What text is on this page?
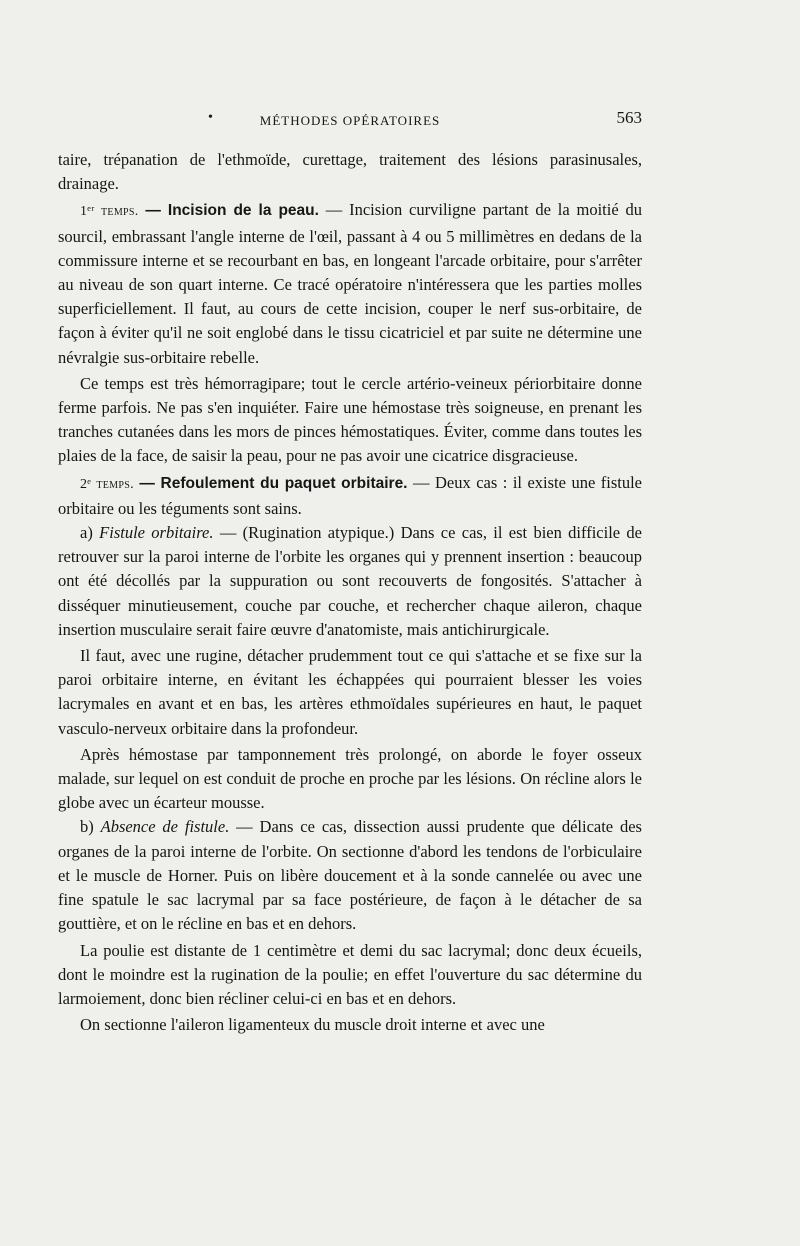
•	MÉTHODES OPÉRATOIRES	563

taire, trépanation de l'ethmoïde, curettage, traitement des lésions parasinusales, drainage.

1ᵉʳ temps. — Incision de la peau. — Incision curviligne partant de la moitié du sourcil, embrassant l'angle interne de l'œil, passant à 4 ou 5 millimètres en dedans de la commissure interne et se recourbant en bas, en longeant l'arcade orbitaire, pour s'arrêter au niveau de son quart interne. Ce tracé opératoire n'intéressera que les parties molles superficiellement. Il faut, au cours de cette incision, couper le nerf sus-orbitaire, de façon à éviter qu'il ne soit englobé dans le tissu cicatriciel et par suite ne détermine une névralgie sus-orbitaire rebelle.

Ce temps est très hémorragipare; tout le cercle artério-veineux périorbitaire donne ferme parfois. Ne pas s'en inquiéter. Faire une hémostase très soigneuse, en prenant les tranches cutanées dans les mors de pinces hémostatiques. Éviter, comme dans toutes les plaies de la face, de saisir la peau, pour ne pas avoir une cicatrice disgracieuse.

2ᵉ temps. — Refoulement du paquet orbitaire. — Deux cas : il existe une fistule orbitaire ou les téguments sont sains.

a) Fistule orbitaire. — (Rugination atypique.) Dans ce cas, il est bien difficile de retrouver sur la paroi interne de l'orbite les organes qui y prennent insertion : beaucoup ont été décollés par la suppuration ou sont recouverts de fongosités. S'attacher à disséquer minutieusement, couche par couche, et rechercher chaque aileron, chaque insertion musculaire serait faire œuvre d'anatomiste, mais antichirurgicale.

Il faut, avec une rugine, détacher prudemment tout ce qui s'attache et se fixe sur la paroi orbitaire interne, en évitant les échappées qui pourraient blesser les voies lacrymales en avant et en bas, les artères ethmoïdales supérieures en haut, le paquet vasculo-nerveux orbitaire dans la profondeur.

Après hémostase par tamponnement très prolongé, on aborde le foyer osseux malade, sur lequel on est conduit de proche en proche par les lésions. On récline alors le globe avec un écarteur mousse.

b) Absence de fistule. — Dans ce cas, dissection aussi prudente que délicate des organes de la paroi interne de l'orbite. On sectionne d'abord les tendons de l'orbiculaire et le muscle de Horner. Puis on libère doucement et à la sonde cannelée ou avec une fine spatule le sac lacrymal par sa face postérieure, de façon à le détacher de sa gouttière, et on le récline en bas et en dehors.

La poulie est distante de 1 centimètre et demi du sac lacrymal; donc deux écueils, dont le moindre est la rugination de la poulie; en effet l'ouverture du sac détermine du larmoiement, donc bien récliner celui-ci en bas et en dehors.

On sectionne l'aileron ligamenteux du muscle droit interne et avec une
